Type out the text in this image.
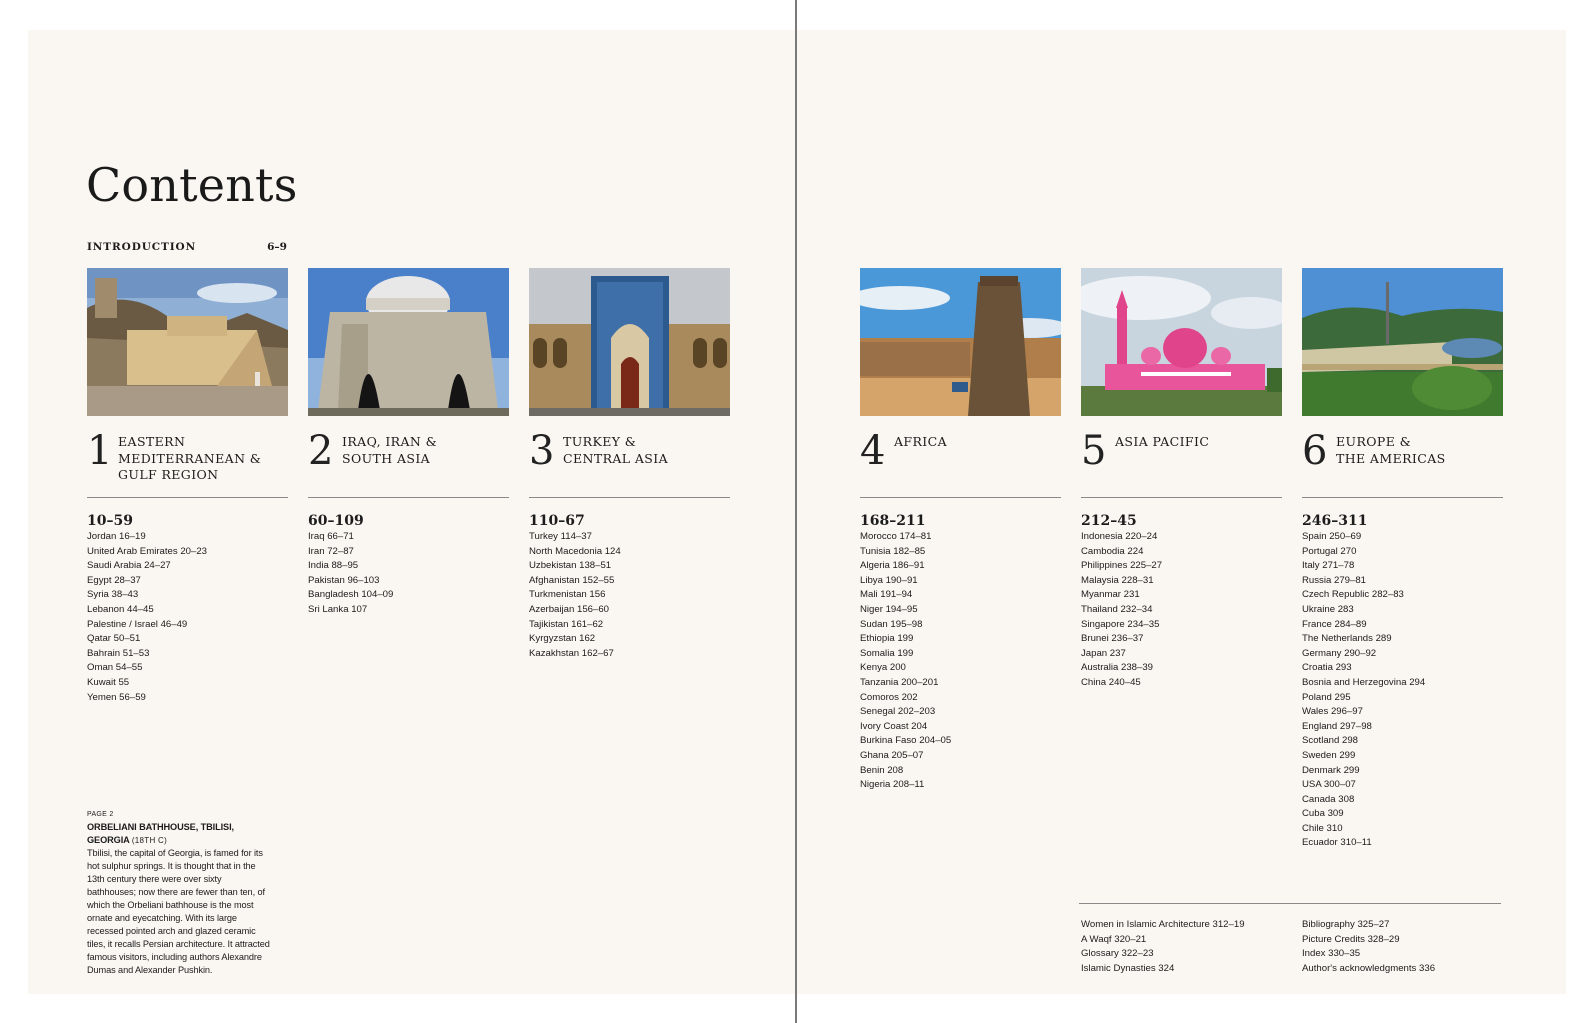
Contents
INTRODUCTION	6–9
1 EASTERN
MEDITERRANEAN &
GULF REGION
10–59
Jordan 16–19
United Arab Emirates 20–23
Saudi Arabia 24–27
Egypt 28–37
Syria 38–43
Lebanon 44–45
Palestine / Israel 46–49
Qatar 50–51
Bahrain 51–53
Oman 54–55
Kuwait 55
Yemen 56–59
2 IRAQ, IRAN &
SOUTH ASIA
60–109
Iraq 66–71
Iran 72–87
India 88–95
Pakistan 96–103
Bangladesh 104–09
Sri Lanka 107
3 TURKEY &
CENTRAL ASIA
110–67
Turkey 114–37
North Macedonia 124
Uzbekistan 138–51
Afghanistan 152–55
Turkmenistan 156
Azerbaijan 156–60
Tajikistan 161–62
Kyrgyzstan 162
Kazakhstan 162–67
4 AFRICA
168–211
Morocco 174–81
Tunisia 182–85
Algeria 186–91
Libya 190–91
Mali 191–94
Niger 194–95
Sudan 195–98
Ethiopia 199
Somalia 199
Kenya 200
Tanzania 200–201
Comoros 202
Senegal 202–203
Ivory Coast 204
Burkina Faso 204–05
Ghana 205–07
Benin 208
Nigeria 208–11
5 ASIA PACIFIC
212–45
Indonesia 220–24
Cambodia 224
Philippines 225–27
Malaysia 228–31
Myanmar 231
Thailand 232–34
Singapore 234–35
Brunei 236–37
Japan 237
Australia 238–39
China 240–45
6 EUROPE &
THE AMERICAS
246–311
Spain 250–69
Portugal 270
Italy 271–78
Russia 279–81
Czech Republic 282–83
Ukraine 283
France 284–89
The Netherlands 289
Germany 290–92
Croatia 293
Bosnia and Herzegovina 294
Poland 295
Wales 296–97
England 297–98
Scotland 298
Sweden 299
Denmark 299
USA 300–07
Canada 308
Cuba 309
Chile 310
Ecuador 310–11
PAGE 2
ORBELIANI BATHHOUSE, TBILISI, GEORGIA (18TH C)
Tbilisi, the capital of Georgia, is famed for its hot sulphur springs. It is thought that in the 13th century there were over sixty bathhouses; now there are fewer than ten, of which the Orbeliani bathhouse is the most ornate and eyecatching. With its large recessed pointed arch and glazed ceramic tiles, it recalls Persian architecture. It attracted famous visitors, including authors Alexandre Dumas and Alexander Pushkin.
Women in Islamic Architecture 312–19
A Waqf 320–21
Glossary 322–23
Islamic Dynasties 324
Bibliography 325–27
Picture Credits 328–29
Index 330–35
Author's acknowledgments 336
